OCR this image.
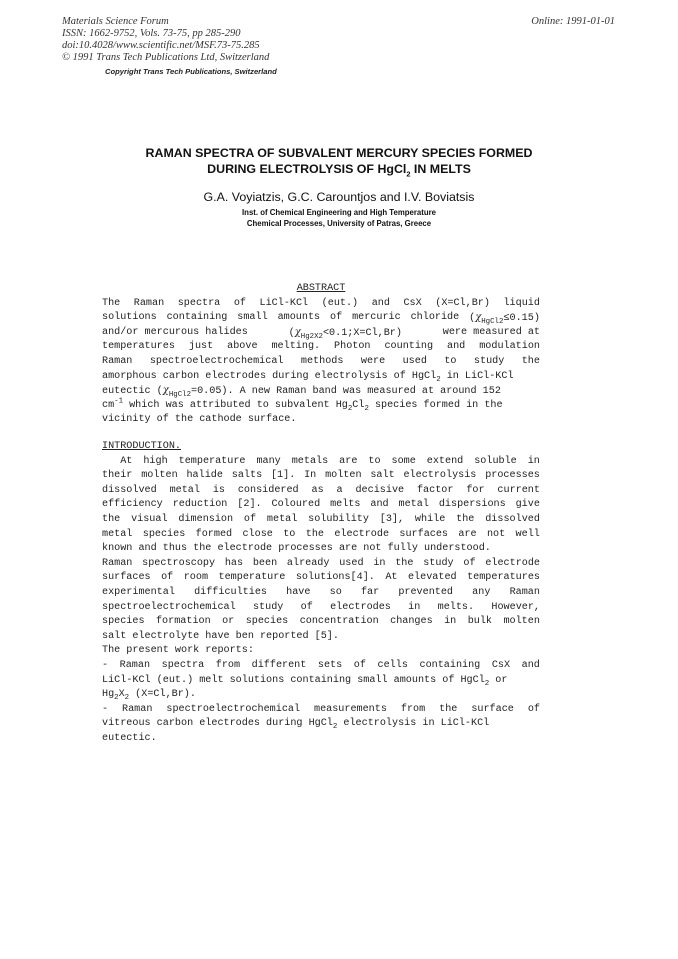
Materials Science Forum
ISSN: 1662-9752, Vols. 73-75, pp 285-290
doi:10.4028/www.scientific.net/MSF.73-75.285
© 1991 Trans Tech Publications Ltd, Switzerland
Online: 1991-01-01
Copyright Trans Tech Publications, Switzerland
RAMAN SPECTRA OF SUBVALENT MERCURY SPECIES FORMED
DURING ELECTROLYSIS OF HgCl$_2$ IN MELTS
G.A. Voyiatzis, G.C. Carountjos and I.V. Boviatsis
Inst. of Chemical Engineering and High Temperature
Chemical Processes, University of Patras, Greece
ABSTRACT
The Raman spectra of LiCl-KCl (eut.) and CsX (X=Cl,Br) liquid
solutions containing small amounts of mercuric chloride $(\chi_{HgCl2}\le 0.15)$
and/or mercurous halides	$(\chi_{Hg2X2}<0.1;X=Cl,Br)$	were measured at
temperatures just above melting. Photon counting and modulation
Raman spectroelectrochemical methods were used to study the
amorphous carbon electrodes during electrolysis of HgCl$_2$ in LiCl-KCl
eutectic $(\chi_{HgCl2}=0.05)$. A new Raman band was measured at around 152
$cm^{-1}$ which was attributed to subvalent $Hg_2Cl_2$ species formed in the
vicinity of the cathode surface.
INTRODUCTION.
At high temperature many metals are to some extend soluble in
their molten halide salts [1]. In molten salt electrolysis processes
dissolved metal is considered as a decisive factor for current
efficiency reduction [2]. Coloured melts and metal dispersions give
the visual dimension of metal solubility [3], while the dissolved
metal species formed close to the electrode surfaces are not well
known and thus the electrode processes are not fully understood.
Raman spectroscopy has been already used in the study of electrode
surfaces of room temperature solutions[4]. At elevated temperatures
experimental difficulties have so far prevented any Raman
spectroelectrochemical study of electrodes in melts. However,
species formation or species concentration changes in bulk molten
salt electrolyte have ben reported [5].
The present work reports:
- Raman spectra from different sets of cells containing CsX and
LiCl-KCl (eut.) melt solutions containing small amounts of HgCl$_2$ or
$Hg_2X_2$ (X=Cl,Br).
- Raman spectroelectrochemical measurements from the surface of
vitreous carbon electrodes during HgCl$_2$ electrolysis in LiCl-KCl
eutectic.
